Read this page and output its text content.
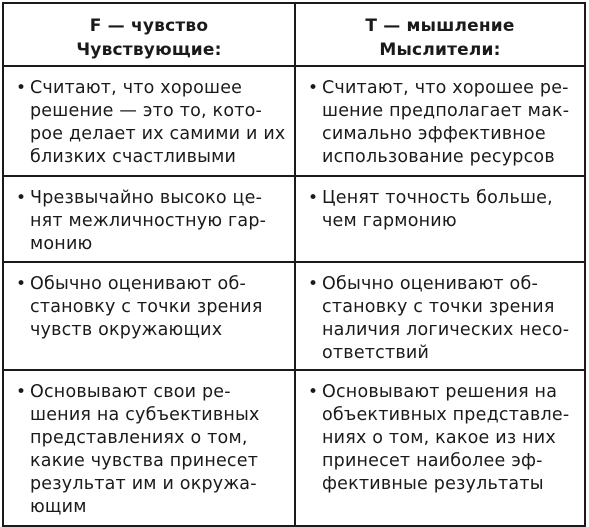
F — чувство
Чувствующие:
T — мышление
Мыслители:
• Считают, что хорошее
решение — это то, кото-
рое делает их самими и их
близких счастливыми
• Считают, что хорошее ре-
шение предполагает мак-
симально эффективное
использование ресурсов
• Чрезвычайно высоко це-
нят межличностную гар-
монию
• Ценят точность больше,
чем гармонию
• Обычно оценивают об-
становку с точки зрения
чувств окружающих
• Обычно оценивают об-
становку с точки зрения
наличия логических несо-
ответствий
• Основывают свои ре-
шения на субъективных
представлениях о том,
какие чувства принесет
результат им и окружа-
ющим
• Основывают решения на
объективных представле-
ниях о том, какое из них
принесет наиболее эф-
фективные результаты
